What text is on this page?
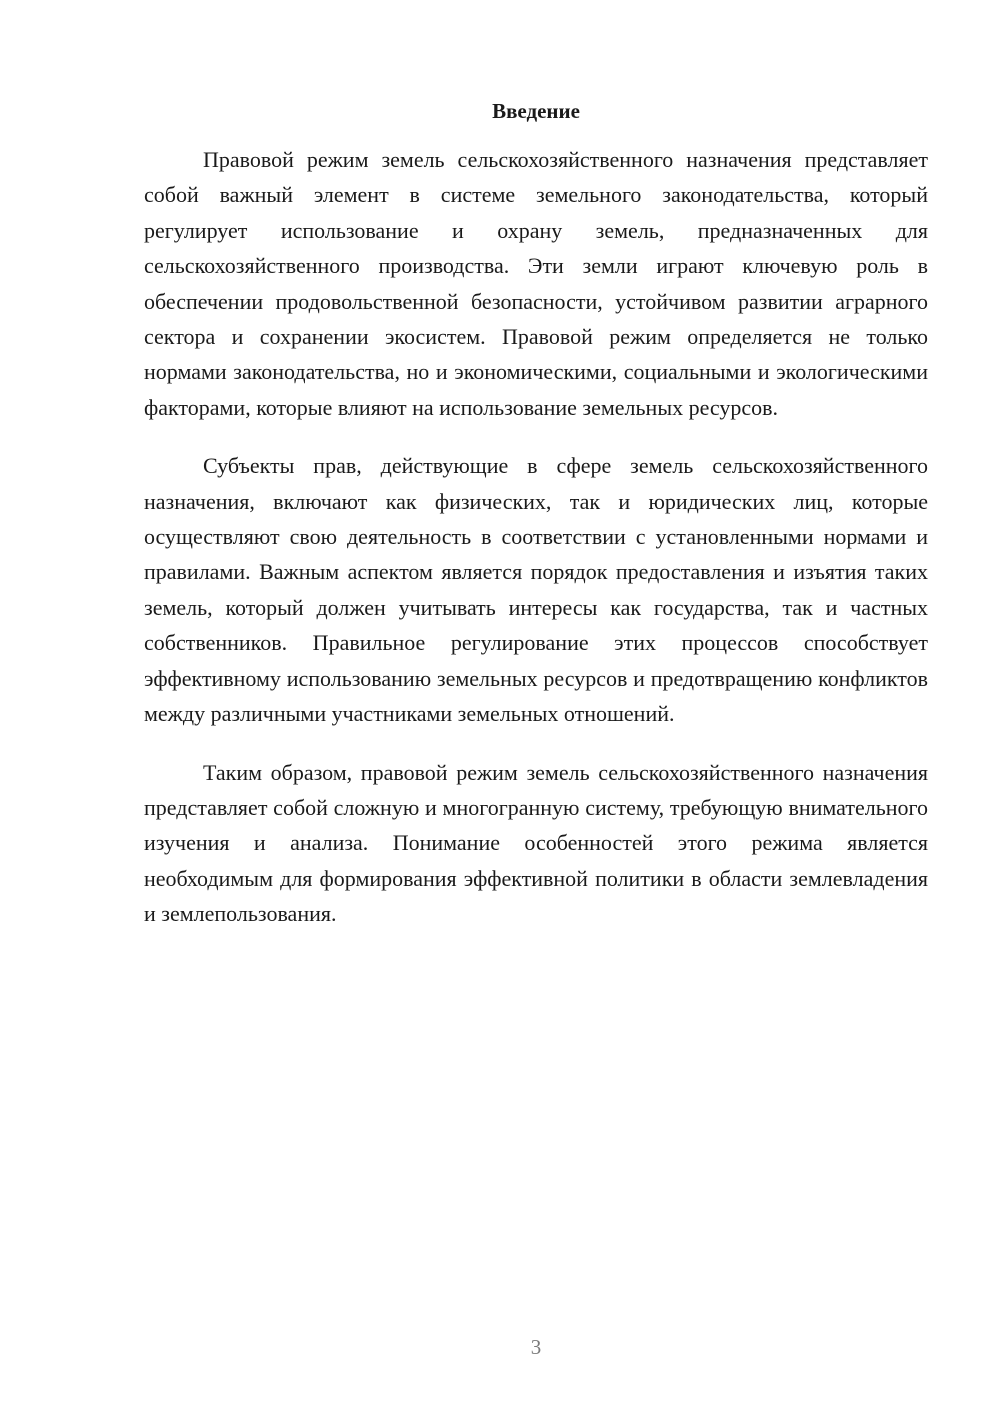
Введение

Правовой режим земель сельскохозяйственного назначения представляет собой важный элемент в системе земельного законодательства, который регулирует использование и охрану земель, предназначенных для сельскохозяйственного производства. Эти земли играют ключевую роль в обеспечении продовольственной безопасности, устойчивом развитии аграрного сектора и сохранении экосистем. Правовой режим определяется не только нормами законодательства, но и экономическими, социальными и экологическими факторами, которые влияют на использование земельных ресурсов.

Субъекты прав, действующие в сфере земель сельскохозяйственного назначения, включают как физических, так и юридических лиц, которые осуществляют свою деятельность в соответствии с установленными нормами и правилами. Важным аспектом является порядок предоставления и изъятия таких земель, который должен учитывать интересы как государства, так и частных собственников. Правильное регулирование этих процессов способствует эффективному использованию земельных ресурсов и предотвращению конфликтов между различными участниками земельных отношений.

Таким образом, правовой режим земель сельскохозяйственного назначения представляет собой сложную и многогранную систему, требующую внимательного изучения и анализа. Понимание особенностей этого режима является необходимым для формирования эффективной политики в области землевладения и землепользования.

3
